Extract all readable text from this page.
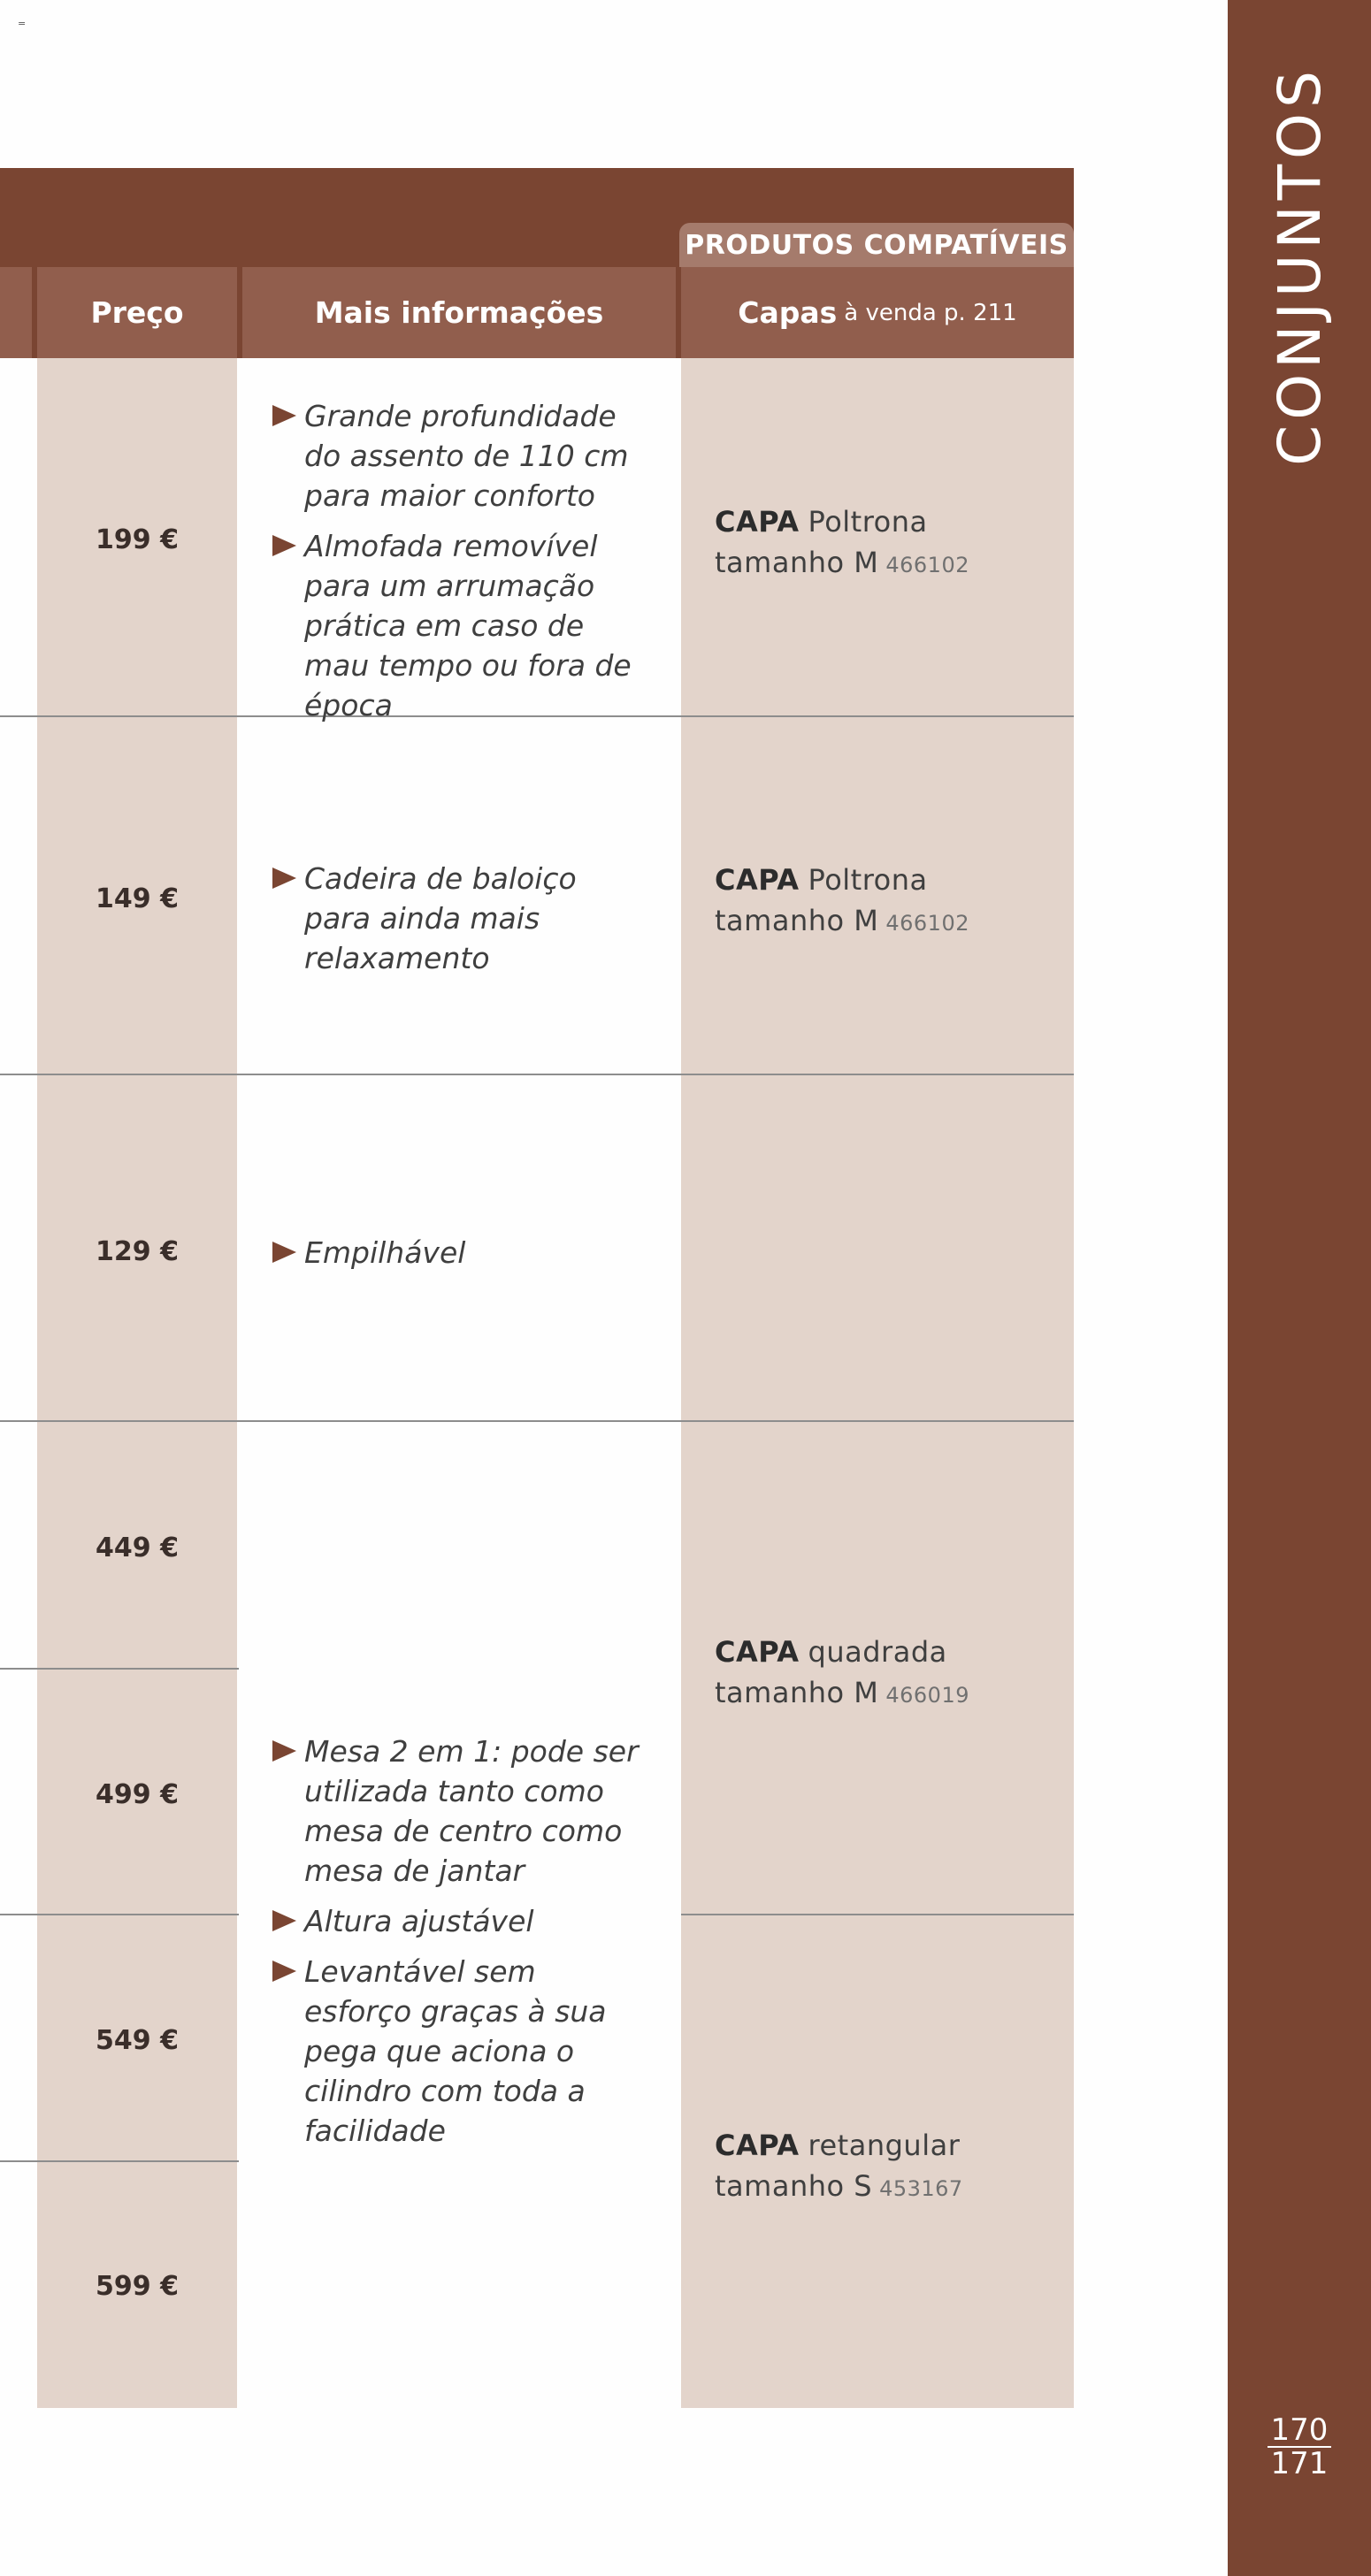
=
PRODUTOS COMPATÍVEIS
Preço	Mais informações	Capas à venda p. 211
199 €
149 €
129 €
449 €
499 €
549 €
599 €
Grande profundidade do assento de 110 cm para maior conforto
Almofada removível para um arrumação prática em caso de mau tempo ou fora de época
Cadeira de baloiço para ainda mais relaxamento
Empilhável
Mesa 2 em 1: pode ser utilizada tanto como mesa de centro como mesa de jantar
Altura ajustável
Levantável sem esforço graças à sua pega que aciona o cilindro com toda a facilidade
CAPA Poltrona tamanho M 466102
CAPA Poltrona tamanho M 466102
CAPA quadrada tamanho M 466019
CAPA retangular tamanho S 453167
CONJUNTOS
170
171
